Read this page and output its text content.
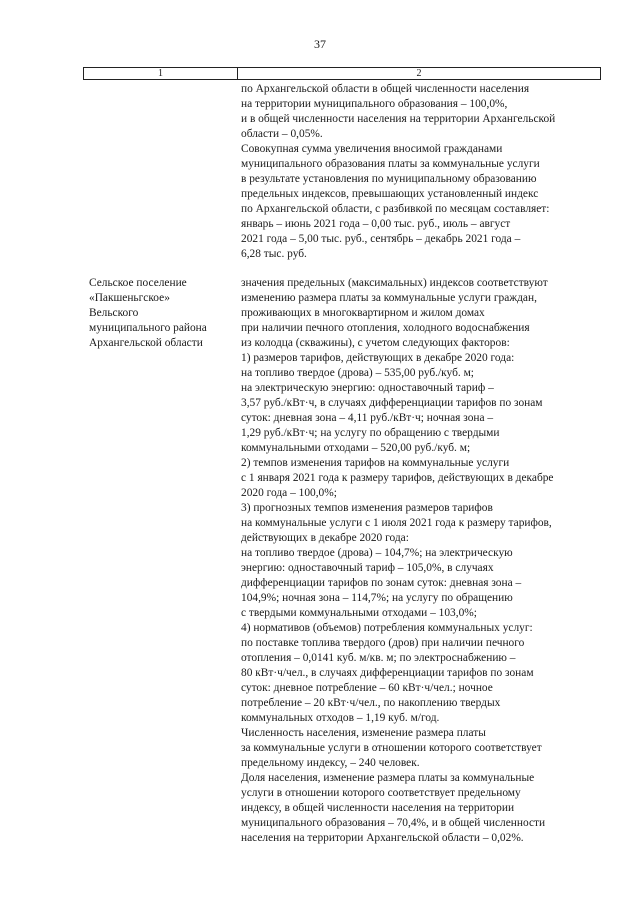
37
1	2
по Архангельской области в общей численности населения
на территории муниципального образования – 100,0%,
и в общей численности населения на территории Архангельской
области – 0,05%.
Совокупная сумма увеличения вносимой гражданами
муниципального образования платы за коммунальные услуги
в результате установления по муниципальному образованию
предельных индексов, превышающих установленный индекс
по Архангельской области, с разбивкой по месяцам составляет:
январь – июнь 2021 года – 0,00 тыс. руб., июль – август
2021 года – 5,00 тыс. руб., сентябрь – декабрь 2021 года –
6,28 тыс. руб.
Сельское поселение
«Пакшеньгское»
Вельского
муниципального района
Архангельской области
значения предельных (максимальных) индексов соответствуют
изменению размера платы за коммунальные услуги граждан,
проживающих в многоквартирном и жилом домах
при наличии печного отопления, холодного водоснабжения
из колодца (скважины), с учетом следующих факторов:
1) размеров тарифов, действующих в декабре 2020 года:
на топливо твердое (дрова) – 535,00 руб./куб. м;
на электрическую энергию: одноставочный тариф –
3,57 руб./кВт·ч, в случаях дифференциации тарифов по зонам
суток: дневная зона – 4,11 руб./кВт·ч; ночная зона –
1,29 руб./кВт·ч; на услугу по обращению с твердыми
коммунальными отходами – 520,00 руб./куб. м;
2) темпов изменения тарифов на коммунальные услуги
с 1 января 2021 года к размеру тарифов, действующих в декабре
2020 года – 100,0%;
3) прогнозных темпов изменения размеров тарифов
на коммунальные услуги с 1 июля 2021 года к размеру тарифов,
действующих в декабре 2020 года:
на топливо твердое (дрова) – 104,7%; на электрическую
энергию: одноставочный тариф – 105,0%, в случаях
дифференциации тарифов по зонам суток: дневная зона –
104,9%; ночная зона – 114,7%; на услугу по обращению
с твердыми коммунальными отходами – 103,0%;
4) нормативов (объемов) потребления коммунальных услуг:
по поставке топлива твердого (дров) при наличии печного
отопления – 0,0141 куб. м/кв. м; по электроснабжению –
80 кВт·ч/чел., в случаях дифференциации тарифов по зонам
суток: дневное потребление – 60 кВт·ч/чел.; ночное
потребление – 20 кВт·ч/чел., по накоплению твердых
коммунальных отходов – 1,19 куб. м/год.
Численность населения, изменение размера платы
за коммунальные услуги в отношении которого соответствует
предельному индексу, – 240 человек.
Доля населения, изменение размера платы за коммунальные
услуги в отношении которого соответствует предельному
индексу, в общей численности населения на территории
муниципального образования – 70,4%, и в общей численности
населения на территории Архангельской области – 0,02%.
